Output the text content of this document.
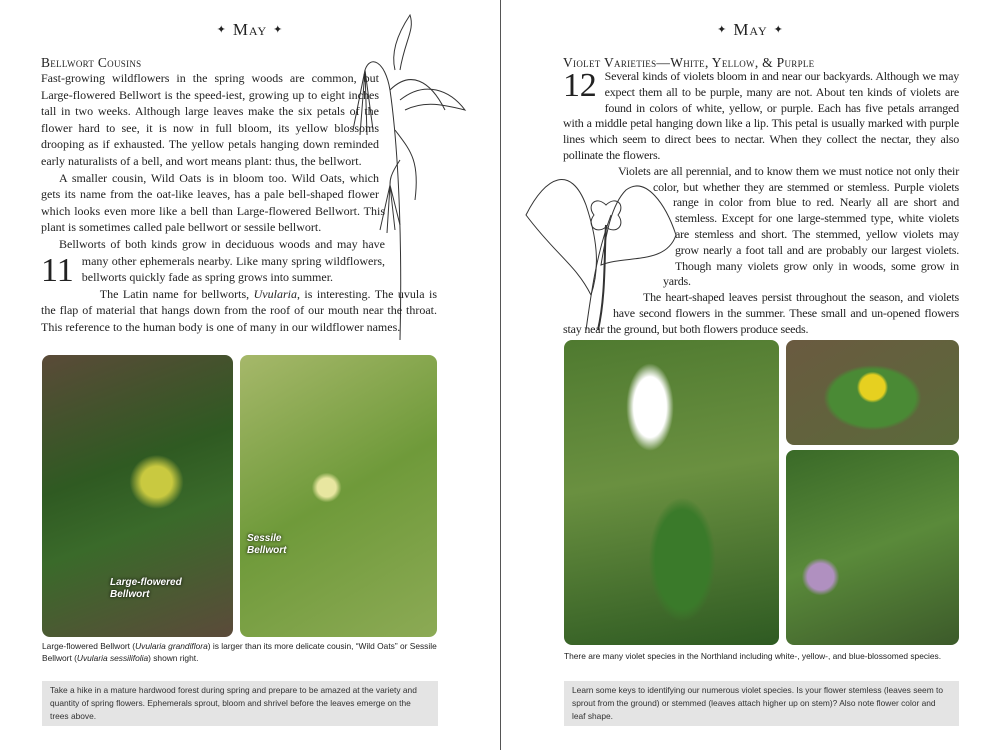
✦ May ✦
Bellwort Cousins
11

Fast-growing wildflowers in the spring woods are common, but Large-flowered Bellwort is the speed-iest, growing up to eight inches tall in two weeks. Although large leaves make the six petals of the flower hard to see, it is now in full bloom, its yellow blossoms drooping as if exhausted. The yellow petals hanging down reminded early naturalists of a bell, and wort means plant: thus, the bellwort.

A smaller cousin, Wild Oats is in bloom too. Wild Oats, which gets its name from the oat-like leaves, has a pale bell-shaped flower which looks even more like a bell than Large-flowered Bellwort. This plant is sometimes called pale bellwort or sessile bellwort.

Bellworts of both kinds grow in deciduous woods and may have many other ephemerals nearby. Like many spring wildflowers, bellworts quickly fade as spring grows into summer.

The Latin name for bellworts, Uvularia, is interesting. The uvula is the flap of material that hangs down from the roof of our mouth near the throat. This reference to the human body is one of many in our wildflower names.

Large-flowered Bellwort
Sessile Bellwort
Large-flowered Bellwort (Uvularia grandiflora) is larger than its more delicate cousin, “Wild Oats” or Sessile Bellwort (Uvularia sessilifolia) shown right.
Take a hike in a mature hardwood forest during spring and prepare to be amazed at the variety and quantity of spring flowers. Ephemerals sprout, bloom and shrivel before the leaves emerge on the trees above.
✦ May ✦
Violet Varieties—White, Yellow, & Purple
12 Several kinds of violets bloom in and near our backyards. Although we may expect them all to be purple, many are not. About ten kinds of violets are found in colors of white, yellow, or purple. Each has five petals arranged with a middle petal hanging down like a lip. This petal is usually marked with purple lines which seem to direct bees to nectar. When they collect the nectar, they also pollinate the flowers.

Violets are all perennial, and to know them we must notice not only their color, but whether they are stemmed or stemless. Purple violets range in color from blue to red. Nearly all are short and stemless. Except for one large-stemmed type, white violets are stemless and short. The stemmed, yellow violets may grow nearly a foot tall and are probably our largest violets. Though many violets grow only in woods, some grow in yards.

The heart-shaped leaves persist throughout the season, and violets have second flowers in the summer. These small and un-opened flowers stay near the ground, but both flowers produce seeds.

There are many violet species in the Northland including white-, yellow-, and blue-blossomed species.
Learn some keys to identifying our numerous violet species. Is your flower stemless (leaves seem to sprout from the ground) or stemmed (leaves attach higher up on stem)? Also note flower color and leaf shape.
